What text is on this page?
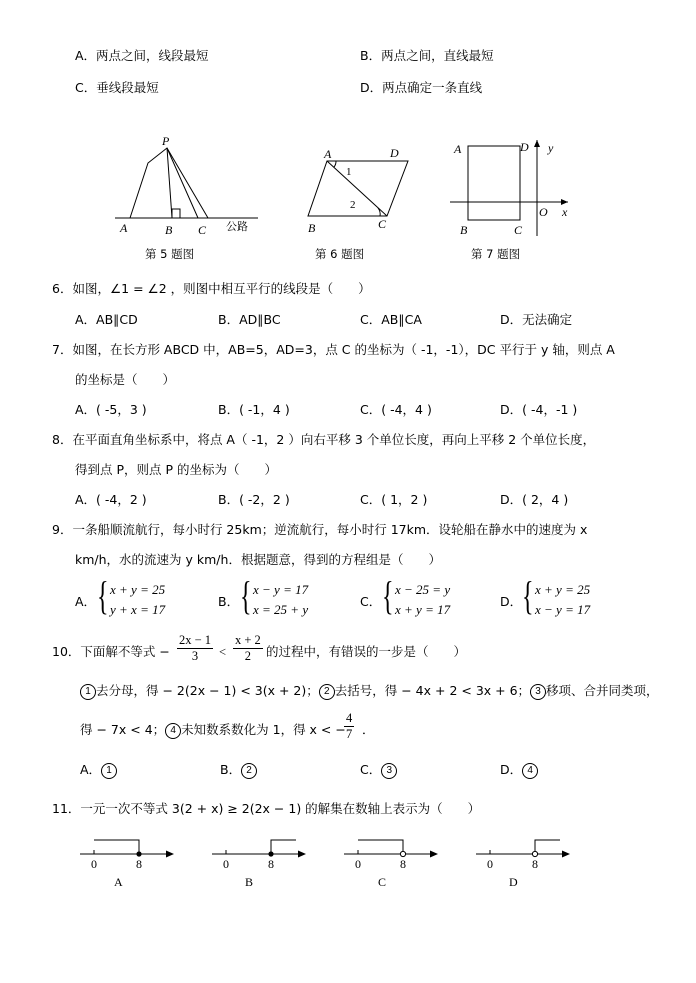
A．两点之间，线段最短	B．两点之间，直线最短
C．垂线段最短	D．两点确定一条直线
P
A	B C 公路
第 5 题图
A	D
B	C
1
2
第 6 题图
A	D
B	C
O x
y
第 7 题图
6．如图，∠1 = ∠2 ，则图中相互平行的线段是（　　）
A．AB∥CD	B．AD∥BC	C．AB∥CA	D．无法确定
7．如图，在长方形 ABCD 中，AB=5，AD=3，点 C 的坐标为（ -1，-1），DC 平行于 y 轴，则点 A
的坐标是（　　）
A．( -5，3 )	B．( -1，4 )	C．( -4，4 )	D．( -4，-1 )
8．在平面直角坐标系中，将点 A（ -1，2 ）向右平移 3 个单位长度，再向上平移 2 个单位长度，
得到点 P，则点 P 的坐标为（　　）
A．( -4，2 )	B．( -2，2 )	C．( 1，2 )	D．( 2，4 )
9．一条船顺流航行，每小时行 25km；逆流航行，每小时行 17km．设轮船在静水中的速度为 x
km/h，水的流速为 y km/h．根据题意，得到的方程组是（　　）
A． { x + y = 25
y + x = 17
B． { x − y = 17
x = 25 + y
C． { x − 25 = y
x + y = 17
D． { x + y = 25
x − y = 17
10．下面解不等式 − $\frac{2x - 1}{3} < \frac{x + 2}{2}$ 的过程中，有错误的一步是（　　）
1 去分母，得 − 2(2x − 1) < 3(x + 2)； 2 去括号，得 − 4x + 2 < 3x + 6； 3 移项、合并同类项，
得 − 7x < 4； 4 未知数系数化为 1，得 x < −
$\frac{4}{7}$ ．
A． 1	B． 2	C． 3	D． 4
11．一元一次不等式 3(2 + x) ≥ 2(2x − 1) 的解集在数轴上表示为（　　）
0	8
A
0	8
B
0	8
C
0	8
D
